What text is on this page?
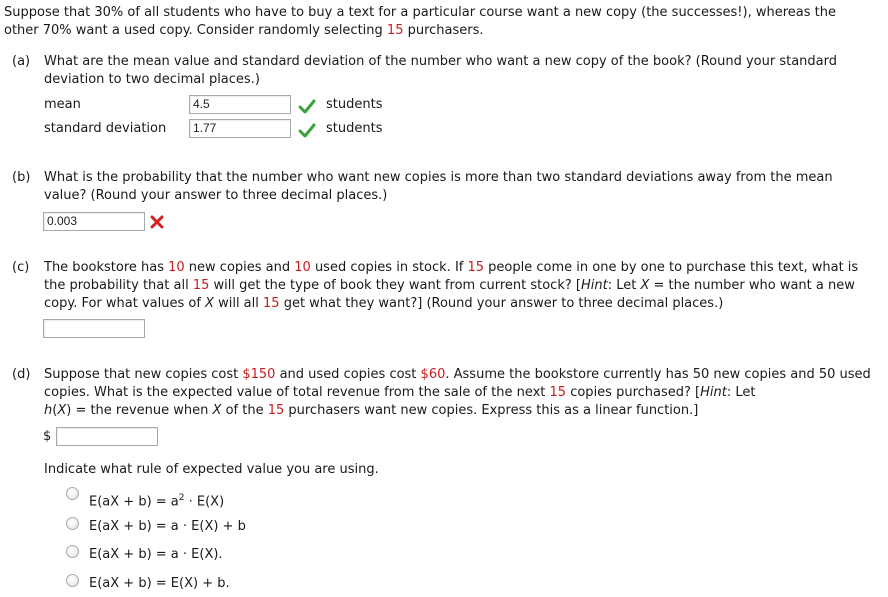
Suppose that 30% of all students who have to buy a text for a particular course want a new copy (the successes!), whereas the
other 70% want a used copy. Consider randomly selecting 15 purchasers.
(a) What are the mean value and standard deviation of the number who want a new copy of the book? (Round your standard
deviation to two decimal places.)
mean	4.5	students
standard deviation	1.77	students
(b) What is the probability that the number who want new copies is more than two standard deviations away from the mean
value? (Round your answer to three decimal places.)
0.003
(c) The bookstore has 10 new copies and 10 used copies in stock. If 15 people come in one by one to purchase this text, what is
the probability that all 15 will get the type of book they want from current stock? [Hint: Let X = the number who want a new
copy. For what values of X will all 15 get what they want?] (Round your answer to three decimal places.)
(d) Suppose that new copies cost $150 and used copies cost $60. Assume the bookstore currently has 50 new copies and 50 used
copies. What is the expected value of total revenue from the sale of the next 15 copies purchased? [Hint: Let
h(X) = the revenue when X of the 15 purchasers want new copies. Express this as a linear function.]
$
Indicate what rule of expected value you are using.
$E(aX + b) = a^2 \cdot E(X)$
E(aX + b) = a · E(X) + b
E(aX + b) = a · E(X).
E(aX + b) = E(X) + b.
